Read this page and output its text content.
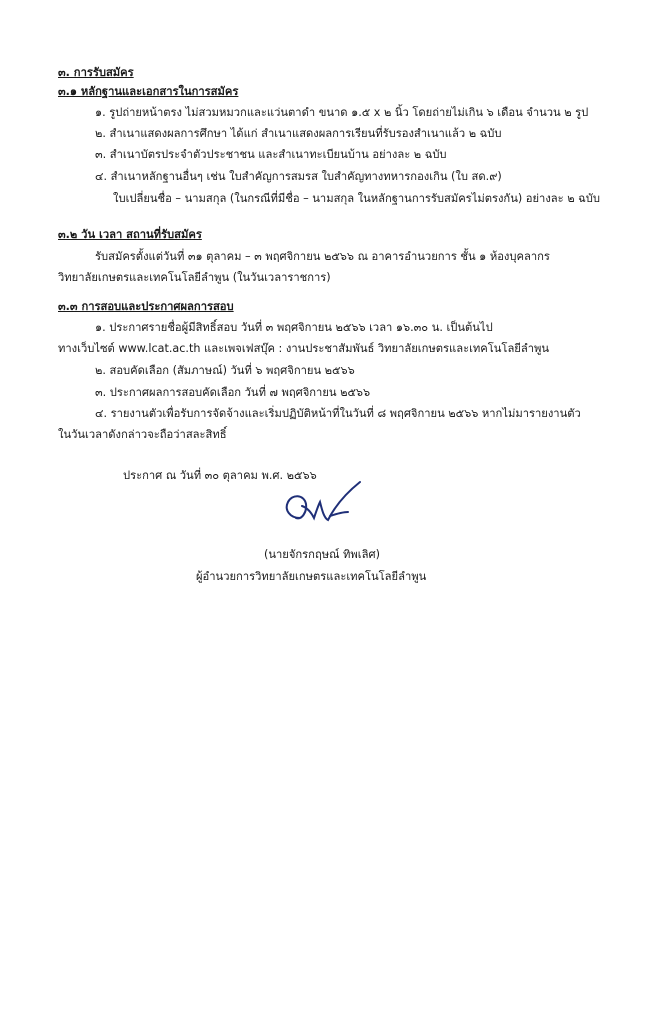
๓. การรับสมัคร
๓.๑ หลักฐานและเอกสารในการสมัคร
๑. รูปถ่ายหน้าตรง ไม่สวมหมวกและแว่นตาดำ ขนาด ๑.๕ x ๒ นิ้ว โดยถ่ายไม่เกิน ๖ เดือน จำนวน ๒ รูป
๒. สำเนาแสดงผลการศึกษา ได้แก่ สำเนาแสดงผลการเรียนที่รับรองสำเนาแล้ว ๒ ฉบับ
๓. สำเนาบัตรประจำตัวประชาชน และสำเนาทะเบียนบ้าน อย่างละ ๒ ฉบับ
๔. สำเนาหลักฐานอื่นๆ เช่น ใบสำคัญการสมรส ใบสำคัญทางทหารกองเกิน (ใบ สด.๙)
ใบเปลี่ยนชื่อ – นามสกุล (ในกรณีที่มีชื่อ – นามสกุล ในหลักฐานการรับสมัครไม่ตรงกัน) อย่างละ ๒ ฉบับ
๓.๒ วัน เวลา สถานที่รับสมัคร
รับสมัครตั้งแต่วันที่ ๓๑ ตุลาคม – ๓ พฤศจิกายน ๒๕๖๖ ณ อาคารอำนวยการ ชั้น ๑ ห้องบุคลากร
วิทยาลัยเกษตรและเทคโนโลยีลำพูน (ในวันเวลาราชการ)
๓.๓ การสอบและประกาศผลการสอบ
๑. ประกาศรายชื่อผู้มีสิทธิ์สอบ วันที่ ๓ พฤศจิกายน ๒๕๖๖ เวลา ๑๖.๓๐ น. เป็นต้นไป
ทางเว็บไซต์ www.lcat.ac.th และเพจเฟสบุ๊ค : งานประชาสัมพันธ์ วิทยาลัยเกษตรและเทคโนโลยีลำพูน
๒. สอบคัดเลือก (สัมภาษณ์) วันที่ ๖ พฤศจิกายน ๒๕๖๖
๓. ประกาศผลการสอบคัดเลือก วันที่ ๗ พฤศจิกายน ๒๕๖๖
๔. รายงานตัวเพื่อรับการจัดจ้างและเริ่มปฏิบัติหน้าที่ในวันที่ ๘ พฤศจิกายน ๒๕๖๖ หากไม่มารายงานตัว
ในวันเวลาดังกล่าวจะถือว่าสละสิทธิ์
ประกาศ ณ วันที่ ๓๐ ตุลาคม พ.ศ. ๒๕๖๖
(นายจักรกฤษณ์ ทิพเลิศ)
ผู้อำนวยการวิทยาลัยเกษตรและเทคโนโลยีลำพูน
